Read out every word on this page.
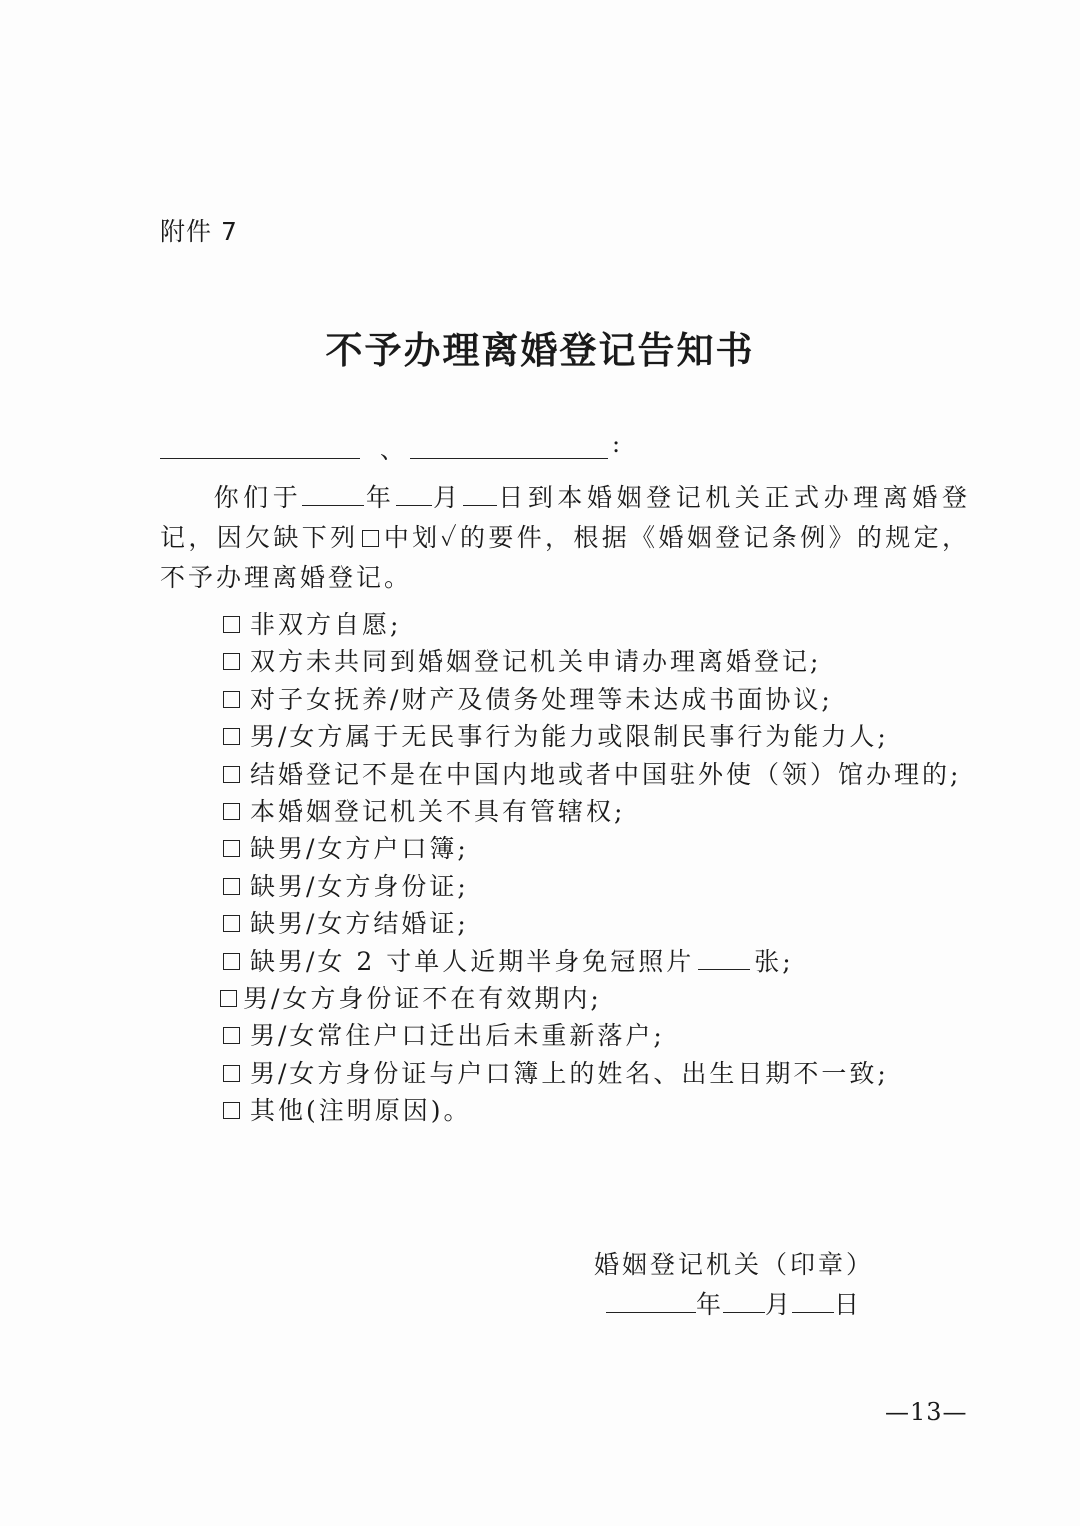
附件 7
不予办理离婚登记告知书
、	:
你们于 年 月 日到本婚姻登记机关正式办理离婚登记，因欠缺下列 中划✓的要件，根据《婚姻登记条例》的规定，不予办理离婚登记。
非双方自愿;
双方未共同到婚姻登记机关申请办理离婚登记;
对子女抚养/财产及债务处理等未达成书面协议;
男/女方属于无民事行为能力或限制民事行为能力人;
结婚登记不是在中国内地或者中国驻外使（领）馆办理的;
本婚姻登记机关不具有管辖权;
缺男/女方户口簿;
缺男/女方身份证;
缺男/女方结婚证;
缺男/女 2 寸单人近期半身免冠照片 张;
男/女方身份证不在有效期内;
男/女常住户口迁出后未重新落户;
男/女方身份证与户口簿上的姓名、出生日期不一致;
其他(注明原因)。
婚姻登记机关（印章）
年 月 日
—13—
